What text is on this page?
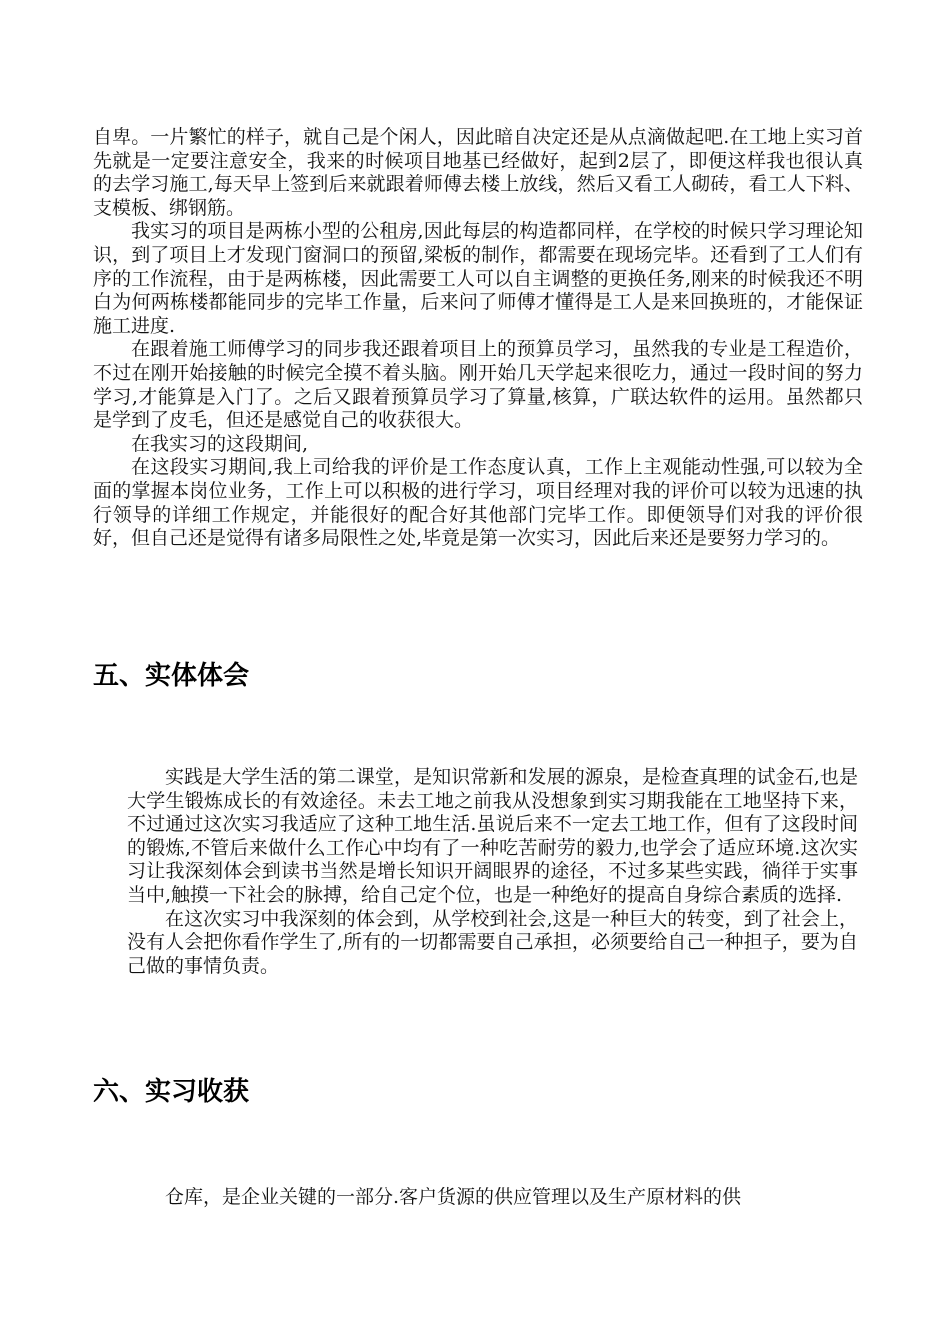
自卑。一片繁忙的样子，就自己是个闲人，因此暗自决定还是从点滴做起吧.在工地上实习首先就是一定要注意安全，我来的时候项目地基已经做好，起到2层了，即便这样我也很认真的去学习施工,每天早上签到后来就跟着师傅去楼上放线，然后又看工人砌砖，看工人下料、支模板、绑钢筋。

我实习的项目是两栋小型的公租房,因此每层的构造都同样，在学校的时候只学习理论知识，到了项目上才发现门窗洞口的预留,梁板的制作，都需要在现场完毕。还看到了工人们有序的工作流程，由于是两栋楼，因此需要工人可以自主调整的更换任务,刚来的时候我还不明白为何两栋楼都能同步的完毕工作量，后来问了师傅才懂得是工人是来回换班的，才能保证施工进度.

在跟着施工师傅学习的同步我还跟着项目上的预算员学习，虽然我的专业是工程造价，不过在刚开始接触的时候完全摸不着头脑。刚开始几天学起来很吃力，通过一段时间的努力学习,才能算是入门了。之后又跟着预算员学习了算量,核算，广联达软件的运用。虽然都只是学到了皮毛，但还是感觉自己的收获很大。

在我实习的这段期间,

在这段实习期间,我上司给我的评价是工作态度认真，工作上主观能动性强,可以较为全面的掌握本岗位业务，工作上可以积极的进行学习，项目经理对我的评价可以较为迅速的执行领导的详细工作规定，并能很好的配合好其他部门完毕工作。即便领导们对我的评价很好，但自己还是觉得有诸多局限性之处,毕竟是第一次实习，因此后来还是要努力学习的。

五、实体体会

实践是大学生活的第二课堂，是知识常新和发展的源泉，是检查真理的试金石,也是大学生锻炼成长的有效途径。未去工地之前我从没想象到实习期我能在工地坚持下来，不过通过这次实习我适应了这种工地生活.虽说后来不一定去工地工作，但有了这段时间的锻炼,不管后来做什么工作心中均有了一种吃苦耐劳的毅力,也学会了适应环境.这次实习让我深刻体会到读书当然是增长知识开阔眼界的途径，不过多某些实践，徜徉于实事当中,触摸一下社会的脉搏，给自己定个位，也是一种绝好的提高自身综合素质的选择.

在这次实习中我深刻的体会到，从学校到社会,这是一种巨大的转变，到了社会上，没有人会把你看作学生了,所有的一切都需要自己承担，必须要给自己一种担子，要为自己做的事情负责。

六、实习收获

仓库，是企业关键的一部分.客户货源的供应管理以及生产原材料的供
